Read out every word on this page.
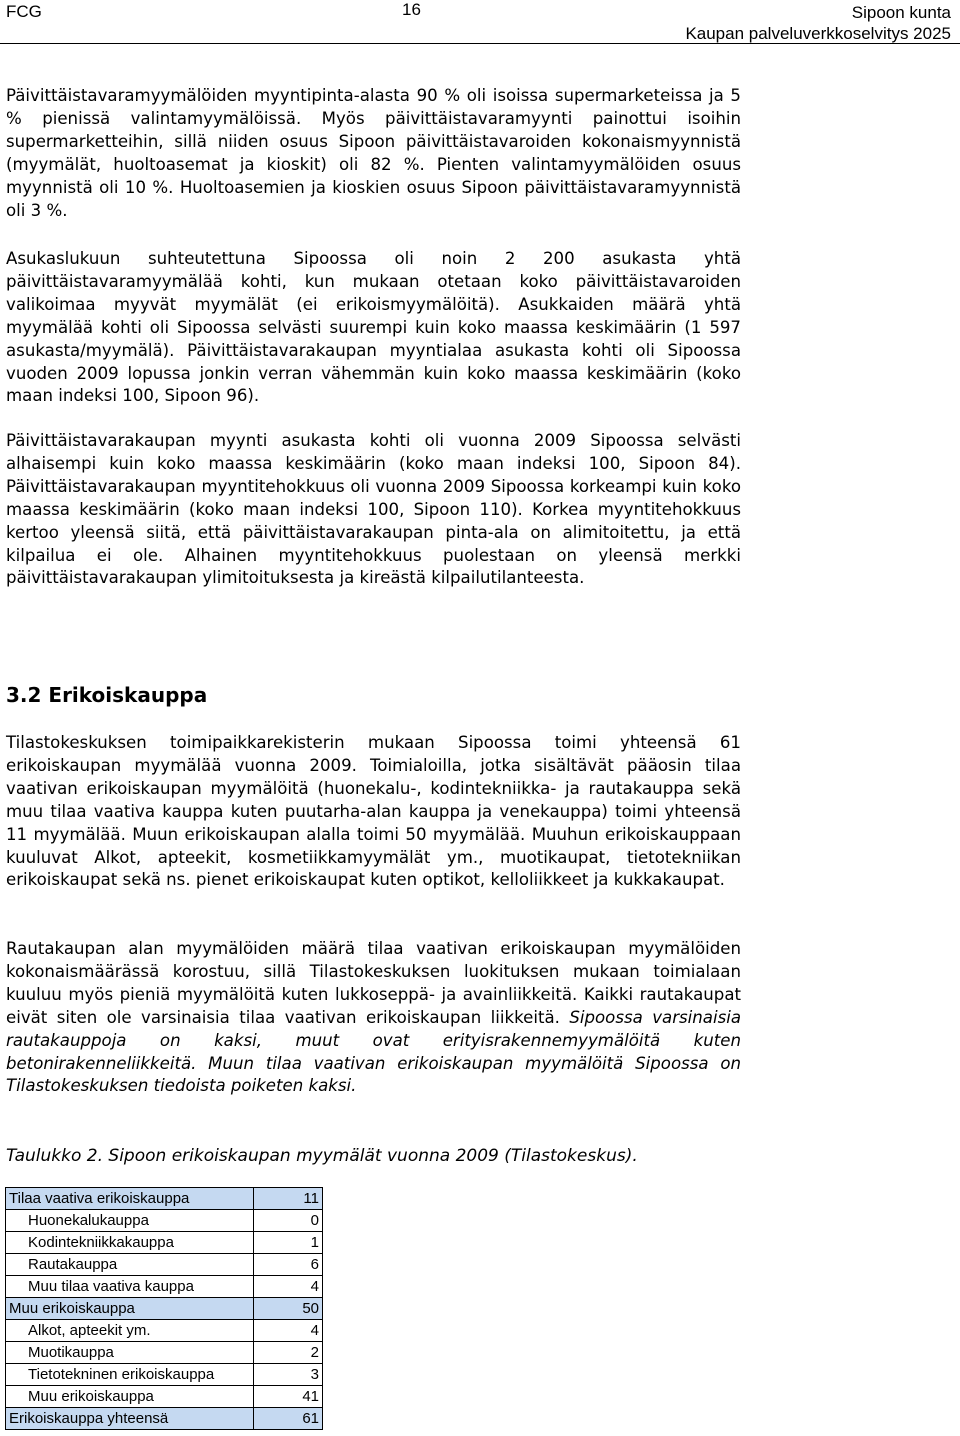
FCG	16	Sipoon kunta
Kaupan palveluverkkoselvitys 2025

Päivittäistavaramyymälöiden myyntipinta-alasta 90 % oli isoissa supermarketeissa ja 5 % pienissä valintamyymälöissä. Myös päivittäistavaramyynti painottui isoihin supermarketteihin, sillä niiden osuus Sipoon päivittäistavaroiden kokonaismyynnistä (myymälät, huoltoasemat ja kioskit) oli 82 %. Pienten valintamyymälöiden osuus myynnistä oli 10 %. Huoltoasemien ja kioskien osuus Sipoon päivittäistavaramyynnistä oli 3 %.

Asukaslukuun suhteutettuna Sipoossa oli noin 2 200 asukasta yhtä päivittäistavaramyymälää kohti, kun mukaan otetaan koko päivittäistavaroiden valikoimaa myyvät myymälät (ei erikoismyymälöitä). Asukkaiden määrä yhtä myymälää kohti oli Sipoossa selvästi suurempi kuin koko maassa keskimäärin (1 597 asukasta/myymälä). Päivittäistavarakaupan myyntialaa asukasta kohti oli Sipoossa vuoden 2009 lopussa jonkin verran vähemmän kuin koko maassa keskimäärin (koko maan indeksi 100, Sipoon 96).

Päivittäistavarakaupan myynti asukasta kohti oli vuonna 2009 Sipoossa selvästi alhaisempi kuin koko maassa keskimäärin (koko maan indeksi 100, Sipoon 84). Päivittäistavarakaupan myyntitehokkuus oli vuonna 2009 Sipoossa korkeampi kuin koko maassa keskimäärin (koko maan indeksi 100, Sipoon 110). Korkea myyntitehokkuus kertoo yleensä siitä, että päivittäistavarakaupan pinta-ala on alimitoitettu, ja että kilpailua ei ole. Alhainen myyntitehokkuus puolestaan on yleensä merkki päivittäistavarakaupan ylimitoituksesta ja kireästä kilpailutilanteesta.

3.2 Erikoiskauppa

Tilastokeskuksen toimipaikkarekisterin mukaan Sipoossa toimi yhteensä 61 erikoiskaupan myymälää vuonna 2009. Toimialoilla, jotka sisältävät pääosin tilaa vaativan erikoiskaupan myymälöitä (huonekalu-, kodintekniikka- ja rautakauppa sekä muu tilaa vaativa kauppa kuten puutarha-alan kauppa ja venekauppa) toimi yhteensä 11 myymälää. Muun erikoiskaupan alalla toimi 50 myymälää. Muuhun erikoiskauppaan kuuluvat Alkot, apteekit, kosmetiikkamyymälät ym., muotikaupat, tietotekniikan erikoiskaupat sekä ns. pienet erikoiskaupat kuten optikot, kelloliikkeet ja kukkakaupat.

Rautakaupan alan myymälöiden määrä tilaa vaativan erikoiskaupan myymälöiden kokonaismäärässä korostuu, sillä Tilastokeskuksen luokituksen mukaan toimialaan kuuluu myös pieniä myymälöitä kuten lukkoseppä- ja avainliikkeitä. Kaikki rautakaupat eivät siten ole varsinaisia tilaa vaativan erikoiskaupan liikkeitä. Sipoossa varsinaisia rautakauppoja on kaksi, muut ovat erityisrakennemyymälöitä kuten betonirakenneliikkeitä. Muun tilaa vaativan erikoiskaupan myymälöitä Sipoossa on Tilastokeskuksen tiedoista poiketen kaksi.

Taulukko 2. Sipoon erikoiskaupan myymälät vuonna 2009 (Tilastokeskus).

Tilaa vaativa erikoiskauppa	11
Huonekalukauppa	0
Kodintekniikkakauppa	1
Rautakauppa	6
Muu tilaa vaativa kauppa	4
Muu erikoiskauppa	50
Alkot, apteekit ym.	4
Muotikauppa	2
Tietotekninen erikoiskauppa	3
Muu erikoiskauppa	41
Erikoiskauppa yhteensä	61
